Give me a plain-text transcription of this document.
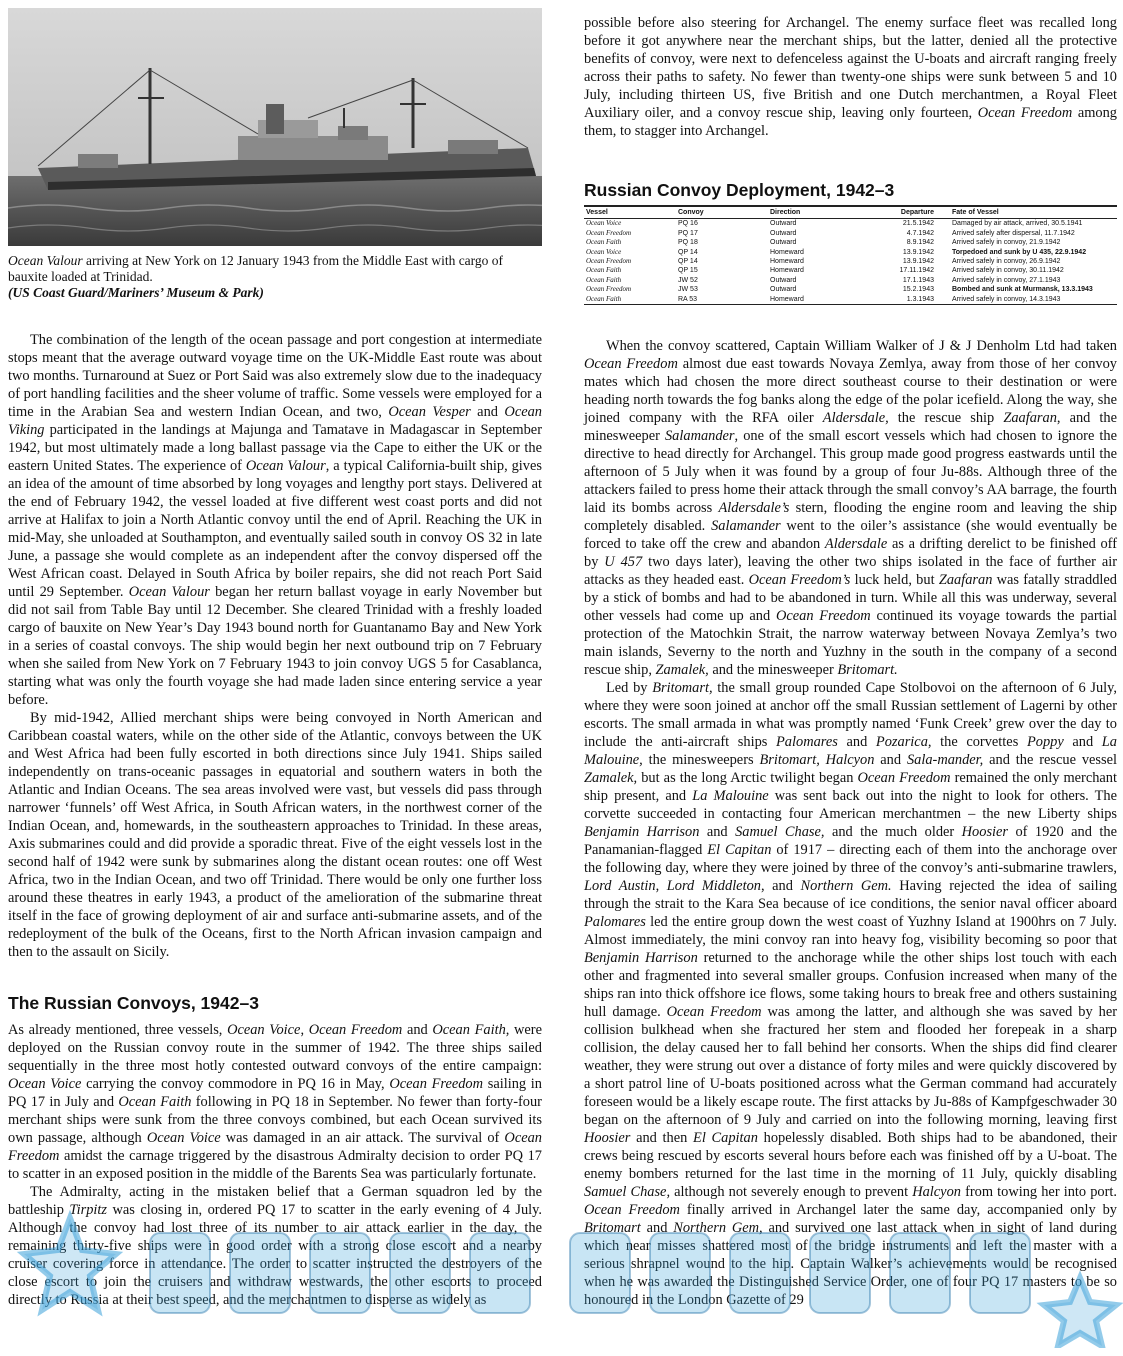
Ocean Valour arriving at New York on 12 January 1943 from the Middle East with cargo of bauxite loaded at Trinidad.
(US Coast Guard/Mariners’ Museum & Park)

The combination of the length of the ocean passage and port congestion at intermediate stops meant that the average outward voyage time on the UK-Middle East route was about two months. Turnaround at Suez or Port Said was also extremely slow due to the inadequacy of port handling facilities and the sheer volume of traffic. Some vessels were employed for a time in the Arabian Sea and western Indian Ocean, and two, Ocean Vesper and Ocean Viking participated in the landings at Majunga and Tamatave in Madagascar in September 1942, but most ultimately made a long ballast passage via the Cape to either the UK or the eastern United States. The experience of Ocean Valour, a typical California-built ship, gives an idea of the amount of time absorbed by long voyages and lengthy port stays. Delivered at the end of February 1942, the vessel loaded at five different west coast ports and did not arrive at Halifax to join a North Atlantic convoy until the end of April. Reaching the UK in mid-May, she unloaded at Southampton, and eventually sailed south in convoy OS 32 in late June, a passage she would complete as an independent after the convoy dispersed off the West African coast. Delayed in South Africa by boiler repairs, she did not reach Port Said until 29 September. Ocean Valour began her return ballast voyage in early November but did not sail from Table Bay until 12 December. She cleared Trinidad with a freshly loaded cargo of bauxite on New Year’s Day 1943 bound north for Guantanamo Bay and New York in a series of coastal convoys. The ship would begin her next outbound trip on 7 February when she sailed from New York on 7 February 1943 to join convoy UGS 5 for Casablanca, starting what was only the fourth voyage she had made laden since entering service a year before.

By mid-1942, Allied merchant ships were being convoyed in North American and Caribbean coastal waters, while on the other side of the Atlantic, convoys between the UK and West Africa had been fully escorted in both directions since July 1941. Ships sailed independently on trans-oceanic passages in equatorial and southern waters in both the Atlantic and Indian Oceans. The sea areas involved were vast, but vessels did pass through narrower ‘funnels’ off West Africa, in South African waters, in the northwest corner of the Indian Ocean, and, homewards, in the southeastern approaches to Trinidad. In these areas, Axis submarines could and did provide a sporadic threat. Five of the eight vessels lost in the second half of 1942 were sunk by submarines along the distant ocean routes: one off West Africa, two in the Indian Ocean, and two off Trinidad. There would be only one further loss around these theatres in early 1943, a product of the amelioration of the submarine threat itself in the face of growing deployment of air and surface anti-submarine assets, and of the redeployment of the bulk of the Oceans, first to the North African invasion campaign and then to the assault on Sicily.

The Russian Convoys, 1942–3

As already mentioned, three vessels, Ocean Voice, Ocean Freedom and Ocean Faith, were deployed on the Russian convoy route in the summer of 1942. The three ships sailed sequentially in the three most hotly contested outward convoys of the entire campaign: Ocean Voice carrying the convoy commodore in PQ 16 in May, Ocean Freedom sailing in PQ 17 in July and Ocean Faith following in PQ 18 in September. No fewer than forty-four merchant ships were sunk from the three convoys combined, but each Ocean survived its own passage, although Ocean Voice was damaged in an air attack. The survival of Ocean Freedom amidst the carnage triggered by the disastrous Admiralty decision to order PQ 17 to scatter in an exposed position in the middle of the Barents Sea was particularly fortunate.

The Admiralty, acting in the mistaken belief that a German squadron led by the battleship Tirpitz was closing in, ordered PQ 17 to scatter in the early evening of 4 July. Although the convoy had lost three of its number to air attack earlier in the day, the remaining thirty-five ships were in good order with a strong close escort and a nearby cruiser covering force in attendance. The order to scatter instructed the destroyers of the close escort to join the cruisers and withdraw westwards, the other escorts to proceed directly to Russia at their best speed, and the merchantmen to disperse as widely as

possible before also steering for Archangel. The enemy surface fleet was recalled long before it got anywhere near the merchant ships, but the latter, denied all the protective benefits of convoy, were next to defenceless against the U-boats and aircraft ranging freely across their paths to safety. No fewer than twenty-one ships were sunk between 5 and 10 July, including thirteen US, five British and one Dutch merchantmen, a Royal Fleet Auxiliary oiler, and a convoy rescue ship, leaving only fourteen, Ocean Freedom among them, to stagger into Archangel.

Russian Convoy Deployment, 1942–3
Vessel	Convoy	Direction	Departure	Fate of Vessel
Ocean Voice	PQ 16	Outward	21.5.1942	Damaged by air attack, arrived, 30.5.1941
Ocean Freedom	PQ 17	Outward	4.7.1942	Arrived safely after dispersal, 11.7.1942
Ocean Faith	PQ 18	Outward	8.9.1942	Arrived safely in convoy, 21.9.1942
Ocean Voice	QP 14	Homeward	13.9.1942	Torpedoed and sunk by U 435, 22.9.1942
Ocean Freedom	QP 14	Homeward	13.9.1942	Arrived safely in convoy, 26.9.1942
Ocean Faith	QP 15	Homeward	17.11.1942	Arrived safely in convoy, 30.11.1942
Ocean Faith	JW 52	Outward	17.1.1943	Arrived safely in convoy, 27.1.1943
Ocean Freedom	JW 53	Outward	15.2.1943	Bombed and sunk at Murmansk, 13.3.1943
Ocean Faith	RA 53	Homeward	1.3.1943	Arrived safely in convoy, 14.3.1943

When the convoy scattered, Captain William Walker of J & J Denholm Ltd had taken Ocean Freedom almost due east towards Novaya Zemlya, away from those of her convoy mates which had chosen the more direct southeast course to their destination or were heading north towards the fog banks along the edge of the polar icefield. Along the way, she joined company with the RFA oiler Aldersdale, the rescue ship Zaafaran, and the minesweeper Salamander, one of the small escort vessels which had chosen to ignore the directive to head directly for Archangel. This group made good progress eastwards until the afternoon of 5 July when it was found by a group of four Ju-88s. Although three of the attackers failed to press home their attack through the small convoy’s AA barrage, the fourth laid its bombs across Aldersdale’s stern, flooding the engine room and leaving the ship completely disabled. Salamander went to the oiler’s assistance (she would eventually be forced to take off the crew and abandon Aldersdale as a drifting derelict to be finished off by U 457 two days later), leaving the other two ships isolated in the face of further air attacks as they headed east. Ocean Freedom’s luck held, but Zaafaran was fatally straddled by a stick of bombs and had to be abandoned in turn. While all this was underway, several other vessels had come up and Ocean Freedom continued its voyage towards the partial protection of the Matochkin Strait, the narrow waterway between Novaya Zemlya’s two main islands, Severny to the north and Yuzhny in the south in the company of a second rescue ship, Zamalek, and the minesweeper Britomart.

Led by Britomart, the small group rounded Cape Stolbovoi on the afternoon of 6 July, where they were soon joined at anchor off the small Russian settlement of Lagerni by other escorts. The small armada in what was promptly named ‘Funk Creek’ grew over the day to include the anti-aircraft ships Palomares and Pozarica, the corvettes Poppy and La Malouine, the minesweepers Britomart, Halcyon and Sala-mander, and the rescue vessel Zamalek, but as the long Arctic twilight began Ocean Freedom remained the only merchant ship present, and La Malouine was sent back out into the night to look for others. The corvette succeeded in contacting four American merchantmen – the new Liberty ships Benjamin Harrison and Samuel Chase, and the much older Hoosier of 1920 and the Panamanian-flagged El Capitan of 1917 – directing each of them into the anchorage over the following day, where they were joined by three of the convoy’s anti-submarine trawlers, Lord Austin, Lord Middleton, and Northern Gem. Having rejected the idea of sailing through the strait to the Kara Sea because of ice conditions, the senior naval officer aboard Palomares led the entire group down the west coast of Yuzhny Island at 1900hrs on 7 July. Almost immediately, the mini convoy ran into heavy fog, visibility becoming so poor that Benjamin Harrison returned to the anchorage while the other ships lost touch with each other and fragmented into several smaller groups. Confusion increased when many of the ships ran into thick offshore ice flows, some taking hours to break free and others sustaining hull damage. Ocean Freedom was among the latter, and although she was saved by her collision bulkhead when she fractured her stem and flooded her forepeak in a sharp collision, the delay caused her to fall behind her consorts. When the ships did find clearer weather, they were strung out over a distance of forty miles and were quickly discovered by a short patrol line of U-boats positioned across what the German command had accurately foreseen would be a likely escape route. The first attacks by Ju-88s of Kampfgeschwader 30 began on the afternoon of 9 July and carried on into the following morning, leaving first Hoosier and then El Capitan hopelessly disabled. Both ships had to be abandoned, their crews being rescued by escorts several hours before each was finished off by a U-boat. The enemy bombers returned for the last time in the morning of 11 July, quickly disabling Samuel Chase, although not severely enough to prevent Halcyon from towing her into port. Ocean Freedom finally arrived in Archangel later the same day, accompanied only by Britomart and Northern Gem, and survived one last attack when in sight of land during which near misses shattered most of the bridge instruments and left the master with a serious shrapnel wound to the hip. Captain Walker’s achievements would be recognised when he was awarded the Distinguished Service Order, one of four PQ 17 masters to be so honoured in the London Gazette of 29
